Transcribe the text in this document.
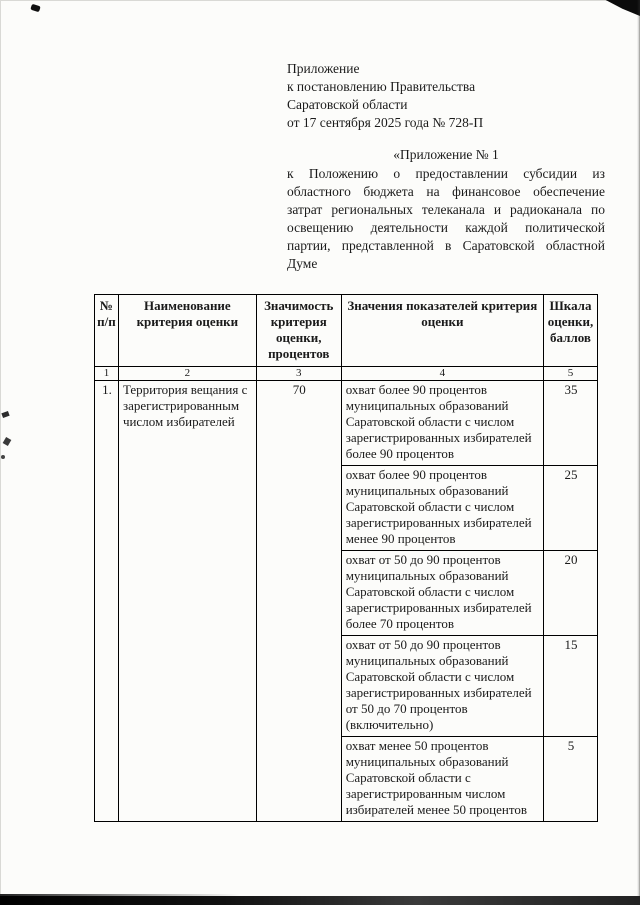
Приложение
к постановлению Правительства
Саратовской области
от 17 сентября 2025 года № 728-П
«Приложение № 1
к Положению о предоставлении субсидии из областного бюджета на финансовое обеспечение затрат региональных телеканала и радиоканала по освещению деятельности каждой политической партии, представленной в Саратовской областной Думе
№ п/п	Наименование критерия оценки	Значимость критерия оценки, процентов	Значения показателей критерия оценки	Шкала оценки, баллов
1	2	3	4	5
1.	Территория вещания с зарегистрированным числом избирателей	70	охват более 90 процентов муниципальных образований Саратовской области с числом зарегистрированных избирателей более 90 процентов	35
			охват более 90 процентов муниципальных образований Саратовской области с числом зарегистрированных избирателей менее 90 процентов	25
			охват от 50 до 90 процентов муниципальных образований Саратовской области с числом зарегистрированных избирателей более 70 процентов	20
			охват от 50 до 90 процентов муниципальных образований Саратовской области с числом зарегистрированных избирателей от 50 до 70 процентов (включительно)	15
			охват менее 50 процентов муниципальных образований Саратовской области с зарегистрированным числом избирателей менее 50 процентов	5
